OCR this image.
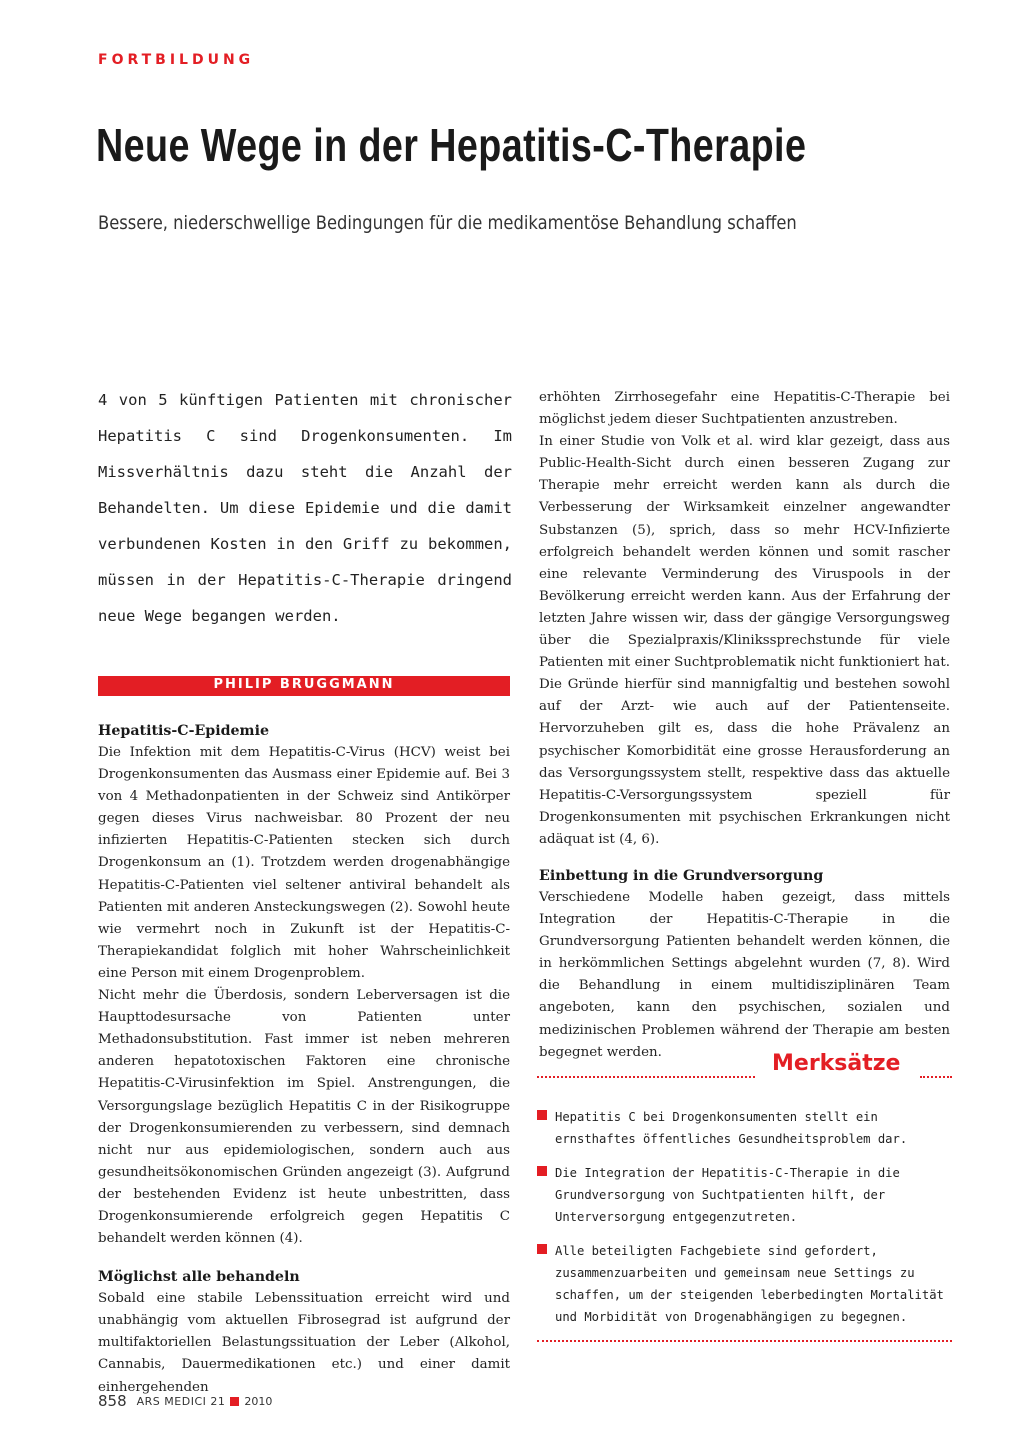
FORTBILDUNG
Neue Wege in der Hepatitis-C-Therapie
Bessere, niederschwellige Bedingungen für die medikamentöse Behandlung schaffen
4 von 5 künftigen Patienten mit chronischer Hepatitis C sind Drogenkonsumenten. Im Missverhältnis dazu steht die Anzahl der Behandelten. Um diese Epidemie und die damit verbundenen Kosten in den Griff zu bekommen, müssen in der Hepatitis-C-Therapie dringend neue Wege begangen werden.
PHILIP BRUGGMANN
Hepatitis-C-Epidemie

Die Infektion mit dem Hepatitis-C-Virus (HCV) weist bei Drogenkonsumenten das Ausmass einer Epidemie auf. Bei 3 von 4 Methadonpatienten in der Schweiz sind Antikörper gegen dieses Virus nachweisbar. 80 Prozent der neu infizierten Hepatitis-C-Patienten stecken sich durch Drogenkonsum an (1). Trotzdem werden drogenabhängige Hepatitis-C-Patienten viel seltener antiviral behandelt als Patienten mit anderen Ansteckungswegen (2). Sowohl heute wie vermehrt noch in Zukunft ist der Hepatitis-C-Therapiekandidat folglich mit hoher Wahrscheinlichkeit eine Person mit einem Drogenproblem.

Nicht mehr die Überdosis, sondern Leberversagen ist die Haupttodesursache von Patienten unter Methadonsubstitution. Fast immer ist neben mehreren anderen hepatotoxischen Faktoren eine chronische Hepatitis-C-Virusinfektion im Spiel. Anstrengungen, die Versorgungslage bezüglich Hepatitis C in der Risikogruppe der Drogenkonsumierenden zu verbessern, sind demnach nicht nur aus epidemiologischen, sondern auch aus gesundheitsökonomischen Gründen angezeigt (3). Aufgrund der bestehenden Evidenz ist heute unbestritten, dass Drogenkonsumierende erfolgreich gegen Hepatitis C behandelt werden können (4).

Möglichst alle behandeln

Sobald eine stabile Lebenssituation erreicht wird und unabhängig vom aktuellen Fibrosegrad ist aufgrund der multifaktoriellen Belastungssituation der Leber (Alkohol, Cannabis, Dauermedikationen etc.) und einer damit einhergehenden

erhöhten Zirrhosegefahr eine Hepatitis-C-Therapie bei möglichst jedem dieser Suchtpatienten anzustreben.

In einer Studie von Volk et al. wird klar gezeigt, dass aus Public-Health-Sicht durch einen besseren Zugang zur Therapie mehr erreicht werden kann als durch die Verbesserung der Wirksamkeit einzelner angewandter Substanzen (5), sprich, dass so mehr HCV-Infizierte erfolgreich behandelt werden können und somit rascher eine relevante Verminderung des Viruspools in der Bevölkerung erreicht werden kann. Aus der Erfahrung der letzten Jahre wissen wir, dass der gängige Versorgungsweg über die Spezialpraxis/Klinikssprechstunde für viele Patienten mit einer Suchtproblematik nicht funktioniert hat. Die Gründe hierfür sind mannigfaltig und bestehen sowohl auf der Arzt- wie auch auf der Patientenseite. Hervorzuheben gilt es, dass die hohe Prävalenz an psychischer Komorbidität eine grosse Herausforderung an das Versorgungssystem stellt, respektive dass das aktuelle Hepatitis-C-Versorgungssystem speziell für Drogenkonsumenten mit psychischen Erkrankungen nicht adäquat ist (4, 6).

Einbettung in die Grundversorgung

Verschiedene Modelle haben gezeigt, dass mittels Integration der Hepatitis-C-Therapie in die Grundversorgung Patienten behandelt werden können, die in herkömmlichen Settings abgelehnt wurden (7, 8). Wird die Behandlung in einem multidisziplinären Team angeboten, kann den psychischen, sozialen und medizinischen Problemen während der Therapie am besten begegnet werden.	Merksätze
Hepatitis C bei Drogenkonsumenten stellt ein ernsthaftes öffentliches Gesundheitsproblem dar.
Die Integration der Hepatitis-C-Therapie in die Grundversorgung von Suchtpatienten hilft, der Unterversorgung entgegenzutreten.
Alle beteiligten Fachgebiete sind gefordert, zusammenzuarbeiten und gemeinsam neue Settings zu schaffen, um der steigenden leberbedingten Mortalität und Morbidität von Drogenabhängigen zu begegnen.
858 ARS MEDICI 21 2010
